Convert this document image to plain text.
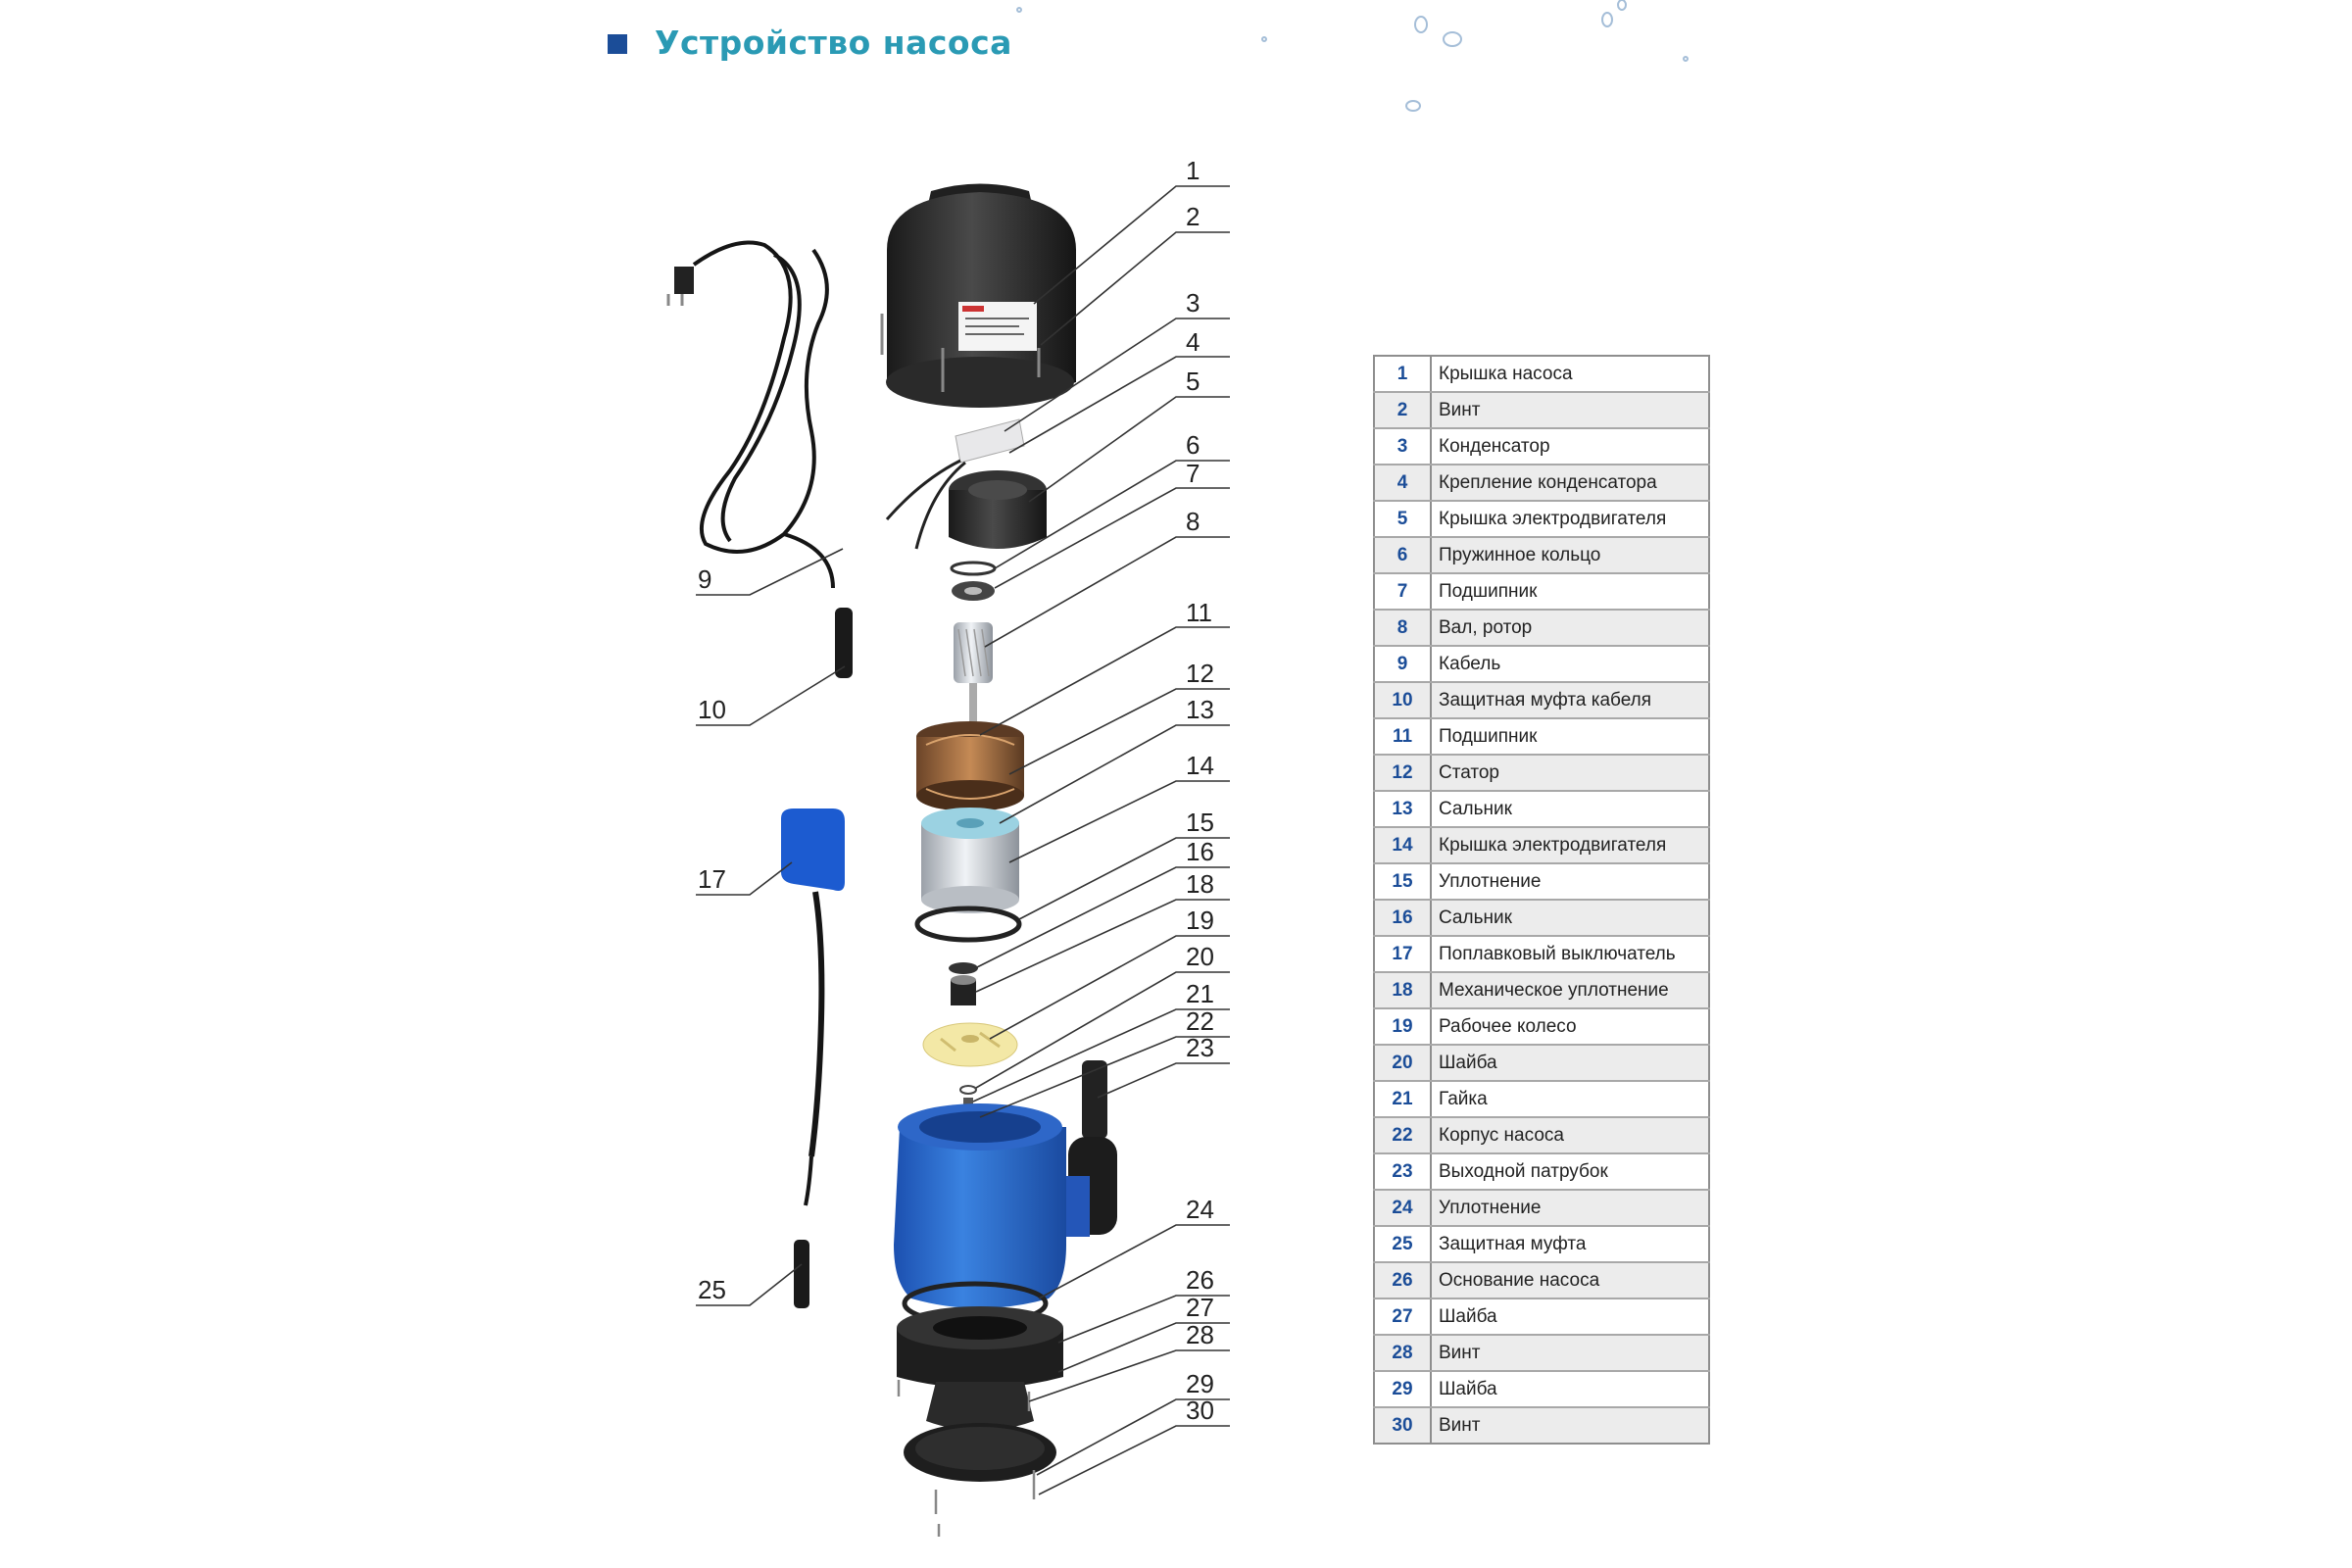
Устройство насоса
1
2
3
4
5
6
7
8
11
12
13
14
15
16
18
19
20
21
22
23
24
26
27
28
29
30
9
10
17
25
1	Крышка насоса
2	Винт
3	Конденсатор
4	Крепление конденсатора
5	Крышка электродвигателя
6	Пружинное кольцо
7	Подшипник
8	Вал, ротор
9	Кабель
10	Защитная муфта кабеля
11	Подшипник
12	Статор
13	Сальник
14	Крышка электродвигателя
15	Уплотнение
16	Сальник
17	Поплавковый выключатель
18	Механическое уплотнение
19	Рабочее колесо
20	Шайба
21	Гайка
22	Корпус насоса
23	Выходной патрубок
24	Уплотнение
25	Защитная муфта
26	Основание насоса
27	Шайба
28	Винт
29	Шайба
30	Винт
